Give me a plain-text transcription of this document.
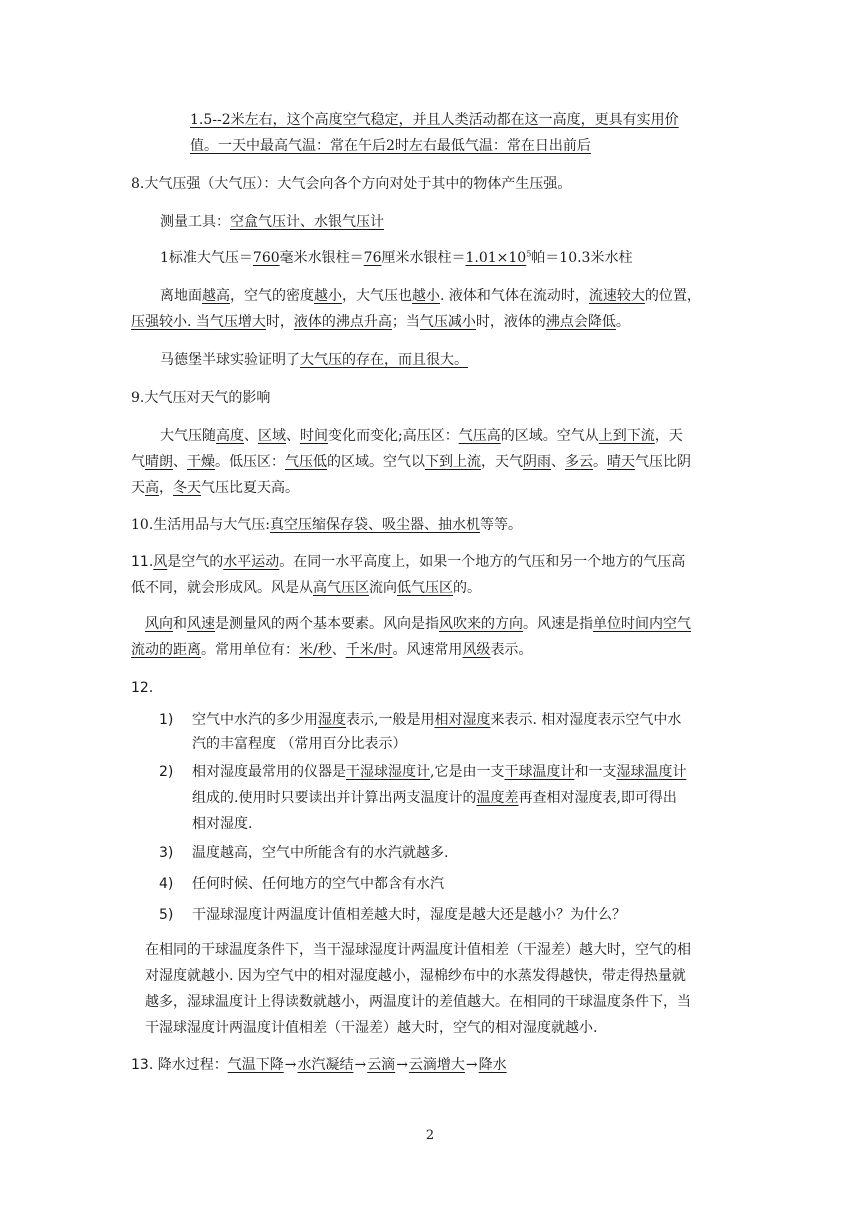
1.5--2米左右，这个高度空气稳定，并且人类活动都在这一高度，更具有实用价
值。一天中最高气温：常在午后2时左右最低气温：常在日出前后
8.大气压强（大气压）：大气会向各个方向对处于其中的物体产生压强。
测量工具：空盒气压计、水银气压计
1标准大气压＝760毫米水银柱＝76厘米水银柱$=1.01\times 10^5$帕＝10.3米水柱
离地面越高，空气的密度越小，大气压也越小. 液体和气体在流动时，流速较大的位置，
压强较小. 当气压增大时，液体的沸点升高；当气压减小时，液体的沸点会降低。
马德堡半球实验证明了大气压的存在，而且很大。
9.大气压对天气的影响
大气压随高度、区域、时间变化而变化;高压区：气压高的区域。空气从上到下流，天
气晴朗、干燥。低压区：气压低的区域。空气以下到上流，天气阴雨、多云。晴天气压比阴
天高，冬天气压比夏天高。
10.生活用品与大气压:真空压缩保存袋、吸尘器、抽水机等等。
11.风是空气的水平运动。在同一水平高度上，如果一个地方的气压和另一个地方的气压高
低不同，就会形成风。风是从高气压区流向低气压区的。
风向和风速是测量风的两个基本要素。风向是指风吹来的方向。风速是指单位时间内空气
流动的距离。常用单位有：米/秒、千米/时。风速常用风级表示。
12.
1) 空气中水汽的多少用湿度表示,一般是用相对湿度来表示. 相对湿度表示空气中水
汽的丰富程度 （常用百分比表示）
2) 相对湿度最常用的仪器是干湿球湿度计,它是由一支干球温度计和一支湿球温度计
组成的.使用时只要读出并计算出两支温度计的温度差再查相对湿度表,即可得出
相对湿度.
3) 温度越高，空气中所能含有的水汽就越多.
4) 任何时候、任何地方的空气中都含有水汽
5) 干湿球湿度计两温度计值相差越大时，湿度是越大还是越小？为什么？
在相同的干球温度条件下，当干湿球湿度计两温度计值相差（干湿差）越大时，空气的相
对湿度就越小. 因为空气中的相对湿度越小，湿棉纱布中的水蒸发得越快，带走得热量就
越多，湿球温度计上得读数就越小，两温度计的差值越大。在相同的干球温度条件下，当
干湿球湿度计两温度计值相差（干湿差）越大时，空气的相对湿度就越小.
13. 降水过程：气温下降→水汽凝结→云滴→云滴增大→降水
2
